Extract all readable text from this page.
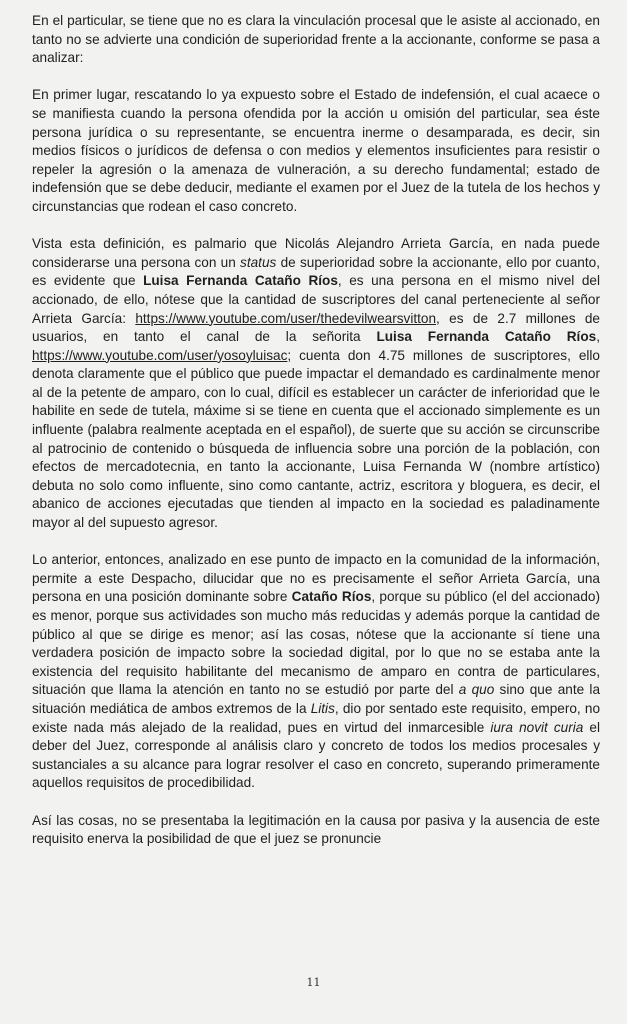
En el particular, se tiene que no es clara la vinculación procesal que le asiste al accionado, en tanto no se advierte una condición de superioridad frente a la accionante, conforme se pasa a analizar:

En primer lugar, rescatando lo ya expuesto sobre el Estado de indefensión, el cual acaece o se manifiesta cuando la persona ofendida por la acción u omisión del particular, sea éste persona jurídica o su representante, se encuentra inerme o desamparada, es decir, sin medios físicos o jurídicos de defensa o con medios y elementos insuficientes para resistir o repeler la agresión o la amenaza de vulneración, a su derecho fundamental; estado de indefensión que se debe deducir, mediante el examen por el Juez de la tutela de los hechos y circunstancias que rodean el caso concreto.

Vista esta definición, es palmario que Nicolás Alejandro Arrieta García, en nada puede considerarse una persona con un status de superioridad sobre la accionante, ello por cuanto, es evidente que Luisa Fernanda Cataño Ríos, es una persona en el mismo nivel del accionado, de ello, nótese que la cantidad de suscriptores del canal perteneciente al señor Arrieta García: https://www.youtube.com/user/thedevilwearsvitton, es de 2.7 millones de usuarios, en tanto el canal de la señorita Luisa Fernanda Cataño Ríos, https://www.youtube.com/user/yosoyluisac; cuenta don 4.75 millones de suscriptores, ello denota claramente que el público que puede impactar el demandado es cardinalmente menor al de la petente de amparo, con lo cual, difícil es establecer un carácter de inferioridad que le habilite en sede de tutela, máxime si se tiene en cuenta que el accionado simplemente es un influente (palabra realmente aceptada en el español), de suerte que su acción se circunscribe al patrocinio de contenido o búsqueda de influencia sobre una porción de la población, con efectos de mercadotecnia, en tanto la accionante, Luisa Fernanda W (nombre artístico) debuta no solo como influente, sino como cantante, actriz, escritora y bloguera, es decir, el abanico de acciones ejecutadas que tienden al impacto en la sociedad es paladinamente mayor al del supuesto agresor.

Lo anterior, entonces, analizado en ese punto de impacto en la comunidad de la información, permite a este Despacho, dilucidar que no es precisamente el señor Arrieta García, una persona en una posición dominante sobre Cataño Ríos, porque su público (el del accionado) es menor, porque sus actividades son mucho más reducidas y además porque la cantidad de público al que se dirige es menor; así las cosas, nótese que la accionante sí tiene una verdadera posición de impacto sobre la sociedad digital, por lo que no se estaba ante la existencia del requisito habilitante del mecanismo de amparo en contra de particulares, situación que llama la atención en tanto no se estudió por parte del a quo sino que ante la situación mediática de ambos extremos de la Litis, dio por sentado este requisito, empero, no existe nada más alejado de la realidad, pues en virtud del inmarcesible iura novit curia el deber del Juez, corresponde al análisis claro y concreto de todos los medios procesales y sustanciales a su alcance para lograr resolver el caso en concreto, superando primeramente aquellos requisitos de procedibilidad.

Así las cosas, no se presentaba la legitimación en la causa por pasiva y la ausencia de este requisito enerva la posibilidad de que el juez se pronuncie

11
